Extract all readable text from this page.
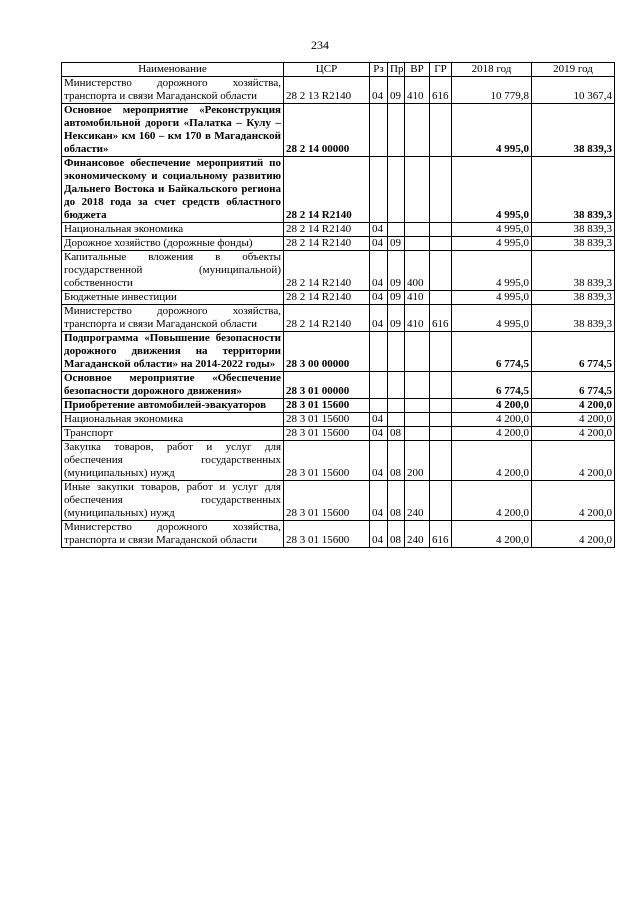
234
Наименование	ЦСР	Рз	Пр	ВР	ГР	2018 год	2019 год
Министерство дорожного хозяйства, транспорта и связи Магаданской области	28 2 13 R2140	04	09	410	616	10 779,8	10 367,4
Основное мероприятие «Реконструкция автомобильной дороги «Палатка – Кулу – Нексикан» км 160 – км 170 в Магаданской области»	28 2 14 00000					4 995,0	38 839,3
Финансовое обеспечение мероприятий по экономическому и социальному развитию Дальнего Востока и Байкальского региона до 2018 года за счет средств областного бюджета	28 2 14 R2140					4 995,0	38 839,3
Национальная экономика	28 2 14 R2140	04				4 995,0	38 839,3
Дорожное хозяйство (дорожные фонды)	28 2 14 R2140	04	09			4 995,0	38 839,3
Капитальные вложения в объекты государственной (муниципальной) собственности	28 2 14 R2140	04	09	400		4 995,0	38 839,3
Бюджетные инвестиции	28 2 14 R2140	04	09	410		4 995,0	38 839,3
Министерство дорожного хозяйства, транспорта и связи Магаданской области	28 2 14 R2140	04	09	410	616	4 995,0	38 839,3
Подпрограмма «Повышение безопасности дорожного движения на территории Магаданской области» на 2014-2022 годы»	28 3 00 00000					6 774,5	6 774,5
Основное мероприятие «Обеспечение безопасности дорожного движения»	28 3 01 00000					6 774,5	6 774,5
Приобретение автомобилей-эвакуаторов	28 3 01 15600					4 200,0	4 200,0
Национальная экономика	28 3 01 15600	04				4 200,0	4 200,0
Транспорт	28 3 01 15600	04	08			4 200,0	4 200,0
Закупка товаров, работ и услуг для обеспечения государственных (муниципальных) нужд	28 3 01 15600	04	08	200		4 200,0	4 200,0
Иные закупки товаров, работ и услуг для обеспечения государственных (муниципальных) нужд	28 3 01 15600	04	08	240		4 200,0	4 200,0
Министерство дорожного хозяйства, транспорта и связи Магаданской области	28 3 01 15600	04	08	240	616	4 200,0	4 200,0
